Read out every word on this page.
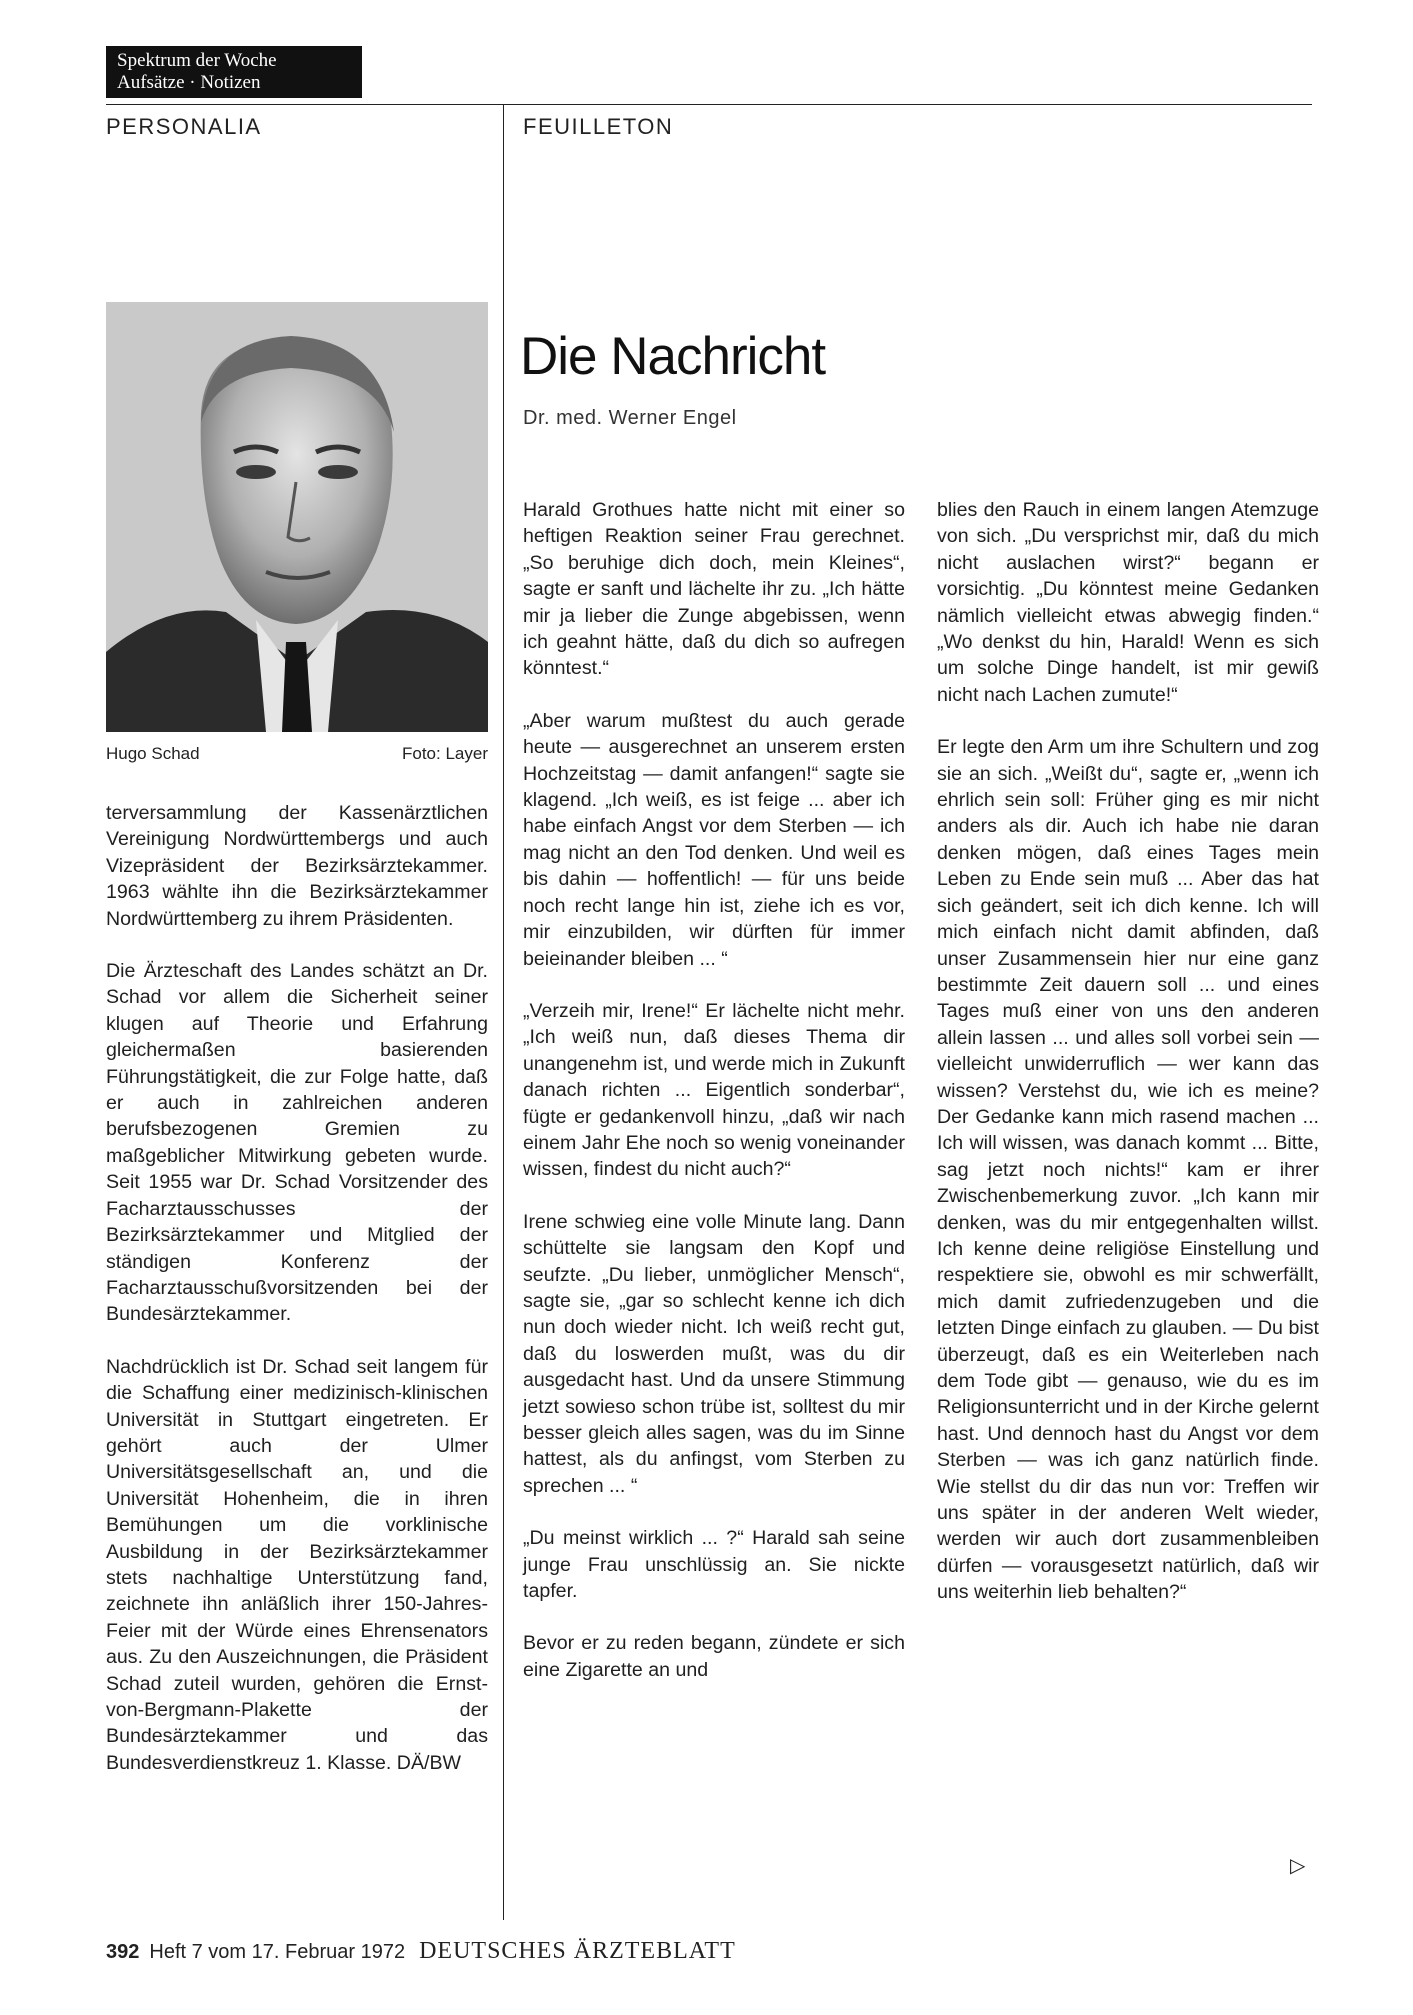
Spektrum der Woche
Aufsätze · Notizen
PERSONALIA	FEUILLETON
Hugo Schad	Foto: Layer

terversammlung der Kassenärztlichen Vereinigung Nordwürttembergs und auch Vizepräsident der Bezirksärztekammer. 1963 wählte ihn die Bezirksärztekammer Nordwürttemberg zu ihrem Präsidenten.

Die Ärzteschaft des Landes schätzt an Dr. Schad vor allem die Sicherheit seiner klugen auf Theorie und Erfahrung gleichermaßen basierenden Führungstätigkeit, die zur Folge hatte, daß er auch in zahlreichen anderen berufsbezogenen Gremien zu maßgeblicher Mitwirkung gebeten wurde. Seit 1955 war Dr. Schad Vorsitzender des Facharztausschusses der Bezirksärztekammer und Mitglied der ständigen Konferenz der Facharztausschußvorsitzenden bei der Bundesärztekammer.

Nachdrücklich ist Dr. Schad seit langem für die Schaffung einer medizinisch-klinischen Universität in Stuttgart eingetreten. Er gehört auch der Ulmer Universitätsgesellschaft an, und die Universität Hohenheim, die in ihren Bemühungen um die vorklinische Ausbildung in der Bezirksärztekammer stets nachhaltige Unterstützung fand, zeichnete ihn anläßlich ihrer 150-Jahres-Feier mit der Würde eines Ehrensenators aus. Zu den Auszeichnungen, die Präsident Schad zuteil wurden, gehören die Ernst-von-Bergmann-Plakette der Bundesärztekammer und das Bundesverdienstkreuz 1. Klasse. DÄ/BW

Die Nachricht
Dr. med. Werner Engel

Harald Grothues hatte nicht mit einer so heftigen Reaktion seiner Frau gerechnet. „So beruhige dich doch, mein Kleines“, sagte er sanft und lächelte ihr zu. „Ich hätte mir ja lieber die Zunge abgebissen, wenn ich geahnt hätte, daß du dich so aufregen könntest.“

„Aber warum mußtest du auch gerade heute — ausgerechnet an unserem ersten Hochzeitstag — damit anfangen!“ sagte sie klagend. „Ich weiß, es ist feige ... aber ich habe einfach Angst vor dem Sterben — ich mag nicht an den Tod denken. Und weil es bis dahin — hoffentlich! — für uns beide noch recht lange hin ist, ziehe ich es vor, mir einzubilden, wir dürften für immer beieinander bleiben ... “

„Verzeih mir, Irene!“ Er lächelte nicht mehr. „Ich weiß nun, daß dieses Thema dir unangenehm ist, und werde mich in Zukunft danach richten ... Eigentlich sonderbar“, fügte er gedankenvoll hinzu, „daß wir nach einem Jahr Ehe noch so wenig voneinander wissen, findest du nicht auch?“

Irene schwieg eine volle Minute lang. Dann schüttelte sie langsam den Kopf und seufzte. „Du lieber, unmöglicher Mensch“, sagte sie, „gar so schlecht kenne ich dich nun doch wieder nicht. Ich weiß recht gut, daß du loswerden mußt, was du dir ausgedacht hast. Und da unsere Stimmung jetzt sowieso schon trübe ist, solltest du mir besser gleich alles sagen, was du im Sinne hattest, als du anfingst, vom Sterben zu sprechen ... “

„Du meinst wirklich ... ?“ Harald sah seine junge Frau unschlüssig an. Sie nickte tapfer.

Bevor er zu reden begann, zündete er sich eine Zigarette an und

blies den Rauch in einem langen Atemzuge von sich. „Du versprichst mir, daß du mich nicht auslachen wirst?“ begann er vorsichtig. „Du könntest meine Gedanken nämlich vielleicht etwas abwegig finden.“ „Wo denkst du hin, Harald! Wenn es sich um solche Dinge handelt, ist mir gewiß nicht nach Lachen zumute!“

Er legte den Arm um ihre Schultern und zog sie an sich. „Weißt du“, sagte er, „wenn ich ehrlich sein soll: Früher ging es mir nicht anders als dir. Auch ich habe nie daran denken mögen, daß eines Tages mein Leben zu Ende sein muß ... Aber das hat sich geändert, seit ich dich kenne. Ich will mich einfach nicht damit abfinden, daß unser Zusammensein hier nur eine ganz bestimmte Zeit dauern soll ... und eines Tages muß einer von uns den anderen allein lassen ... und alles soll vorbei sein — vielleicht unwiderruflich — wer kann das wissen? Verstehst du, wie ich es meine? Der Gedanke kann mich rasend machen ... Ich will wissen, was danach kommt ... Bitte, sag jetzt noch nichts!“ kam er ihrer Zwischenbemerkung zuvor. „Ich kann mir denken, was du mir entgegenhalten willst. Ich kenne deine religiöse Einstellung und respektiere sie, obwohl es mir schwerfällt, mich damit zufriedenzugeben und die letzten Dinge einfach zu glauben. — Du bist überzeugt, daß es ein Weiterleben nach dem Tode gibt — genauso, wie du es im Religionsunterricht und in der Kirche gelernt hast. Und dennoch hast du Angst vor dem Sterben — was ich ganz natürlich finde. Wie stellst du dir das nun vor: Treffen wir uns später in der anderen Welt wieder, werden wir auch dort zusammenbleiben dürfen — vorausgesetzt natürlich, daß wir uns weiterhin lieb behalten?“

▷
392 Heft 7 vom 17. Februar 1972 DEUTSCHES ÄRZTEBLATT
